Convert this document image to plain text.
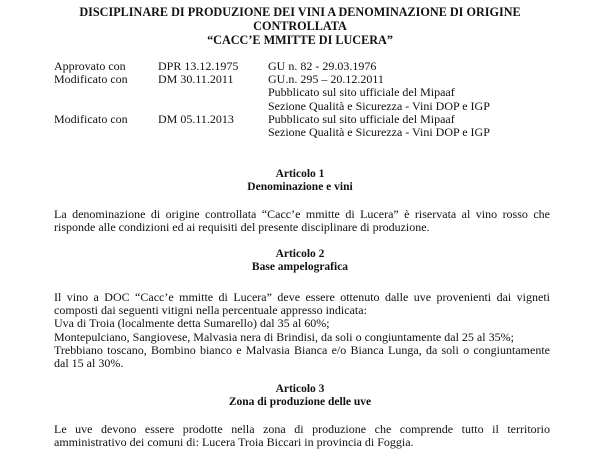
DISCIPLINARE DI PRODUZIONE DEI VINI A DENOMINAZIONE DI ORIGINE
CONTROLLATA
“CACC’E MMITTE DI LUCERA”
Approvato con	DPR 13.12.1975	GU n. 82 - 29.03.1976
Modificato con	DM 30.11.2011	GU.n. 295 – 20.12.2011
Pubblicato sul sito ufficiale del Mipaaf
Sezione Qualità e Sicurezza - Vini DOP e IGP
Modificato con	DM 05.11.2013	Pubblicato sul sito ufficiale del Mipaaf
Sezione Qualità e Sicurezza - Vini DOP e IGP
Articolo 1
Denominazione e vini
La denominazione di origine controllata “Cacc’e mmitte di Lucera” è riservata al vino rosso che
risponde alle condizioni ed ai requisiti del presente disciplinare di produzione.
Articolo 2
Base ampelografica
Il vino a DOC “Cacc’e mmitte di Lucera” deve essere ottenuto dalle uve provenienti dai vigneti
composti dai seguenti vitigni nella percentuale appresso indicata:
Uva di Troia (localmente detta Sumarello) dal 35 al 60%;
Montepulciano, Sangiovese, Malvasia nera di Brindisi, da soli o congiuntamente dal 25 al 35%;
Trebbiano toscano, Bombino bianco e Malvasia Bianca e/o Bianca Lunga, da soli o congiuntamente
dal 15 al 30%.
Articolo 3
Zona di produzione delle uve
Le uve devono essere prodotte nella zona di produzione che comprende tutto il territorio
amministrativo dei comuni di: Lucera Troia Biccari in provincia di Foggia.
